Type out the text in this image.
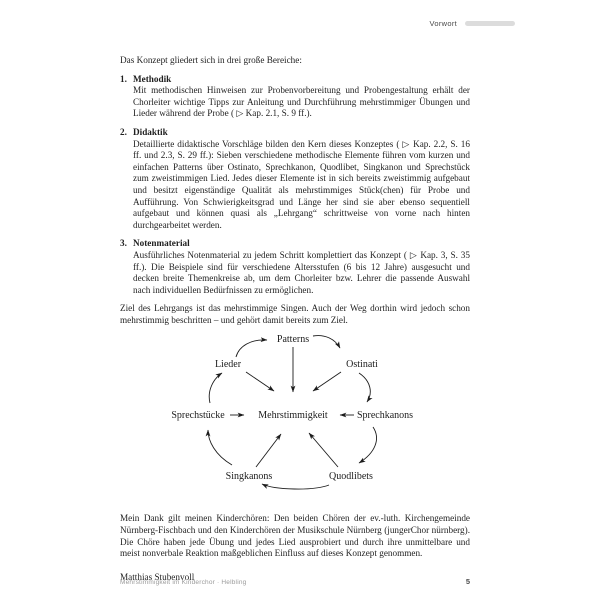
Vorwort

Das Konzept gliedert sich in drei große Bereiche:

1. Methodik

Mit methodischen Hinweisen zur Probenvorbereitung und Probengestaltung erhält der Chorleiter wichtige Tipps zur Anleitung und Durchführung mehrstimmiger Übungen und Lieder während der Probe ( ▷ Kap. 2.1, S. 9 ff.).

2. Didaktik

Detaillierte didaktische Vorschläge bilden den Kern dieses Konzeptes ( ▷ Kap. 2.2, S. 16 ff. und 2.3, S. 29 ff.): Sieben verschiedene methodische Elemente führen vom kurzen und einfachen Patterns über Ostinato, Sprechkanon, Quodlibet, Singkanon und Sprechstück zum zweistimmigen Lied. Jedes dieser Elemente ist in sich bereits zweistimmig aufgebaut und besitzt eigenständige Qualität als mehrstimmiges Stück(chen) für Probe und Aufführung. Von Schwierigkeitsgrad und Länge her sind sie aber ebenso sequentiell aufgebaut und können quasi als „Lehrgang“ schrittweise von vorne nach hinten durchgearbeitet werden.

3. Notenmaterial

Ausführliches Notenmaterial zu jedem Schritt komplettiert das Konzept ( ▷ Kap. 3, S. 35 ff.). Die Beispiele sind für verschiedene Altersstufen (6 bis 12 Jahre) ausgesucht und decken breite Themenkreise ab, um dem Chorleiter bzw. Lehrer die passende Auswahl nach individuellen Bedürfnissen zu ermöglichen.

Ziel des Lehrgangs ist das mehrstimmige Singen. Auch der Weg dorthin wird jedoch schon mehrstimmig beschritten – und gehört damit bereits zum Ziel.

Patterns
Ostinati
Sprechkanons
Quodlibets
Singkanons
Sprechstücke
Lieder
Mehrstimmigkeit

Mein Dank gilt meinen Kinderchören: Den beiden Chören der ev.-luth. Kirchengemeinde Nürnberg-Fischbach und den Kinderchören der Musikschule Nürnberg (jungerChor nürnberg). Die Chöre haben jede Übung und jedes Lied ausprobiert und durch ihre unmittelbare und meist nonverbale Reaktion maßgeblichen Einfluss auf dieses Konzept genommen.

Matthias Stubenvoll
Mehrstimmigkeit im Kinderchor · Helbling	5
